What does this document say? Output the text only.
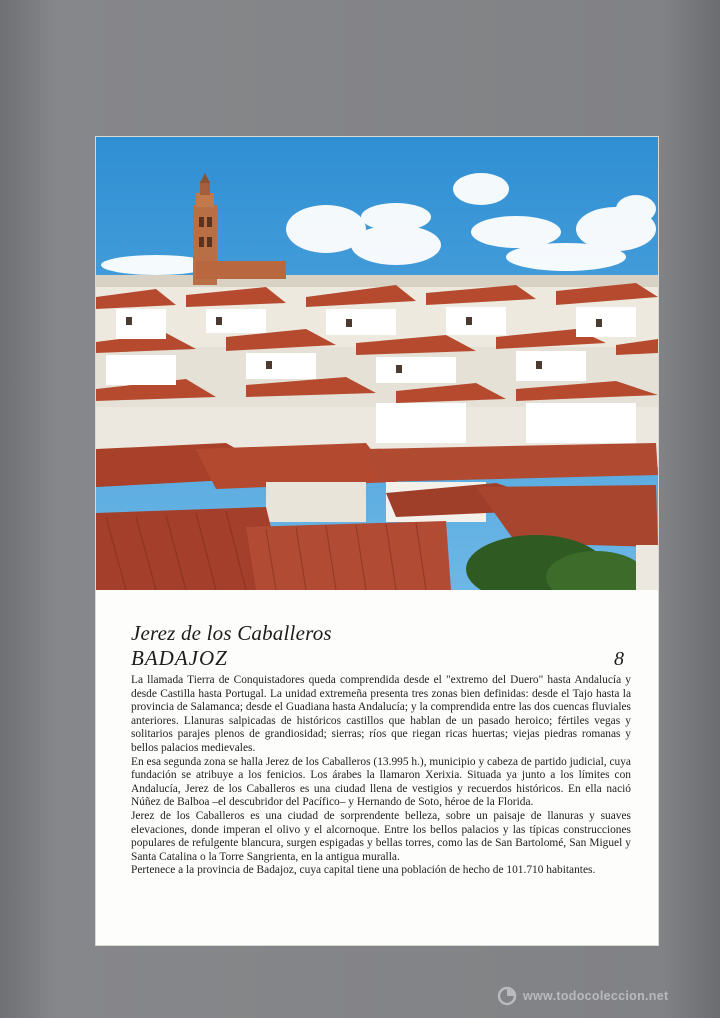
Jerez de los Caballeros
BADAJOZ	8

La llamada Tierra de Conquistadores queda comprendida desde el "extremo del Duero" hasta Andalucía y desde Castilla hasta Portugal. La unidad extremeña presenta tres zonas bien definidas: desde el Tajo hasta la provincia de Salamanca; desde el Guadiana hasta Andalucía; y la comprendida entre las dos cuencas fluviales anteriores. Llanuras salpicadas de históricos castillos que hablan de un pasado heroico; fértiles vegas y solitarios parajes plenos de grandiosidad; sierras; ríos que riegan ricas huertas; viejas piedras romanas y bellos palacios medievales.

En esa segunda zona se halla Jerez de los Caballeros (13.995 h.), municipio y cabeza de partido judicial, cuya fundación se atribuye a los fenicios. Los árabes la llamaron Xerixia. Situada ya junto a los límites con Andalucía, Jerez de los Caballeros es una ciudad llena de vestigios y recuerdos históricos. En ella nació Núñez de Balboa –el descubridor del Pacífico– y Hernando de Soto, héroe de la Florida.

Jerez de los Caballeros es una ciudad de sorprendente belleza, sobre un paisaje de llanuras y suaves elevaciones, donde imperan el olivo y el alcornoque. Entre los bellos palacios y las típicas construcciones populares de refulgente blancura, surgen espigadas y bellas torres, como las de San Bartolomé, San Miguel y Santa Catalina o la Torre Sangrienta, en la antigua muralla.

Pertenece a la provincia de Badajoz, cuya capital tiene una población de hecho de 101.710 habitantes.

www.todocoleccion.net
